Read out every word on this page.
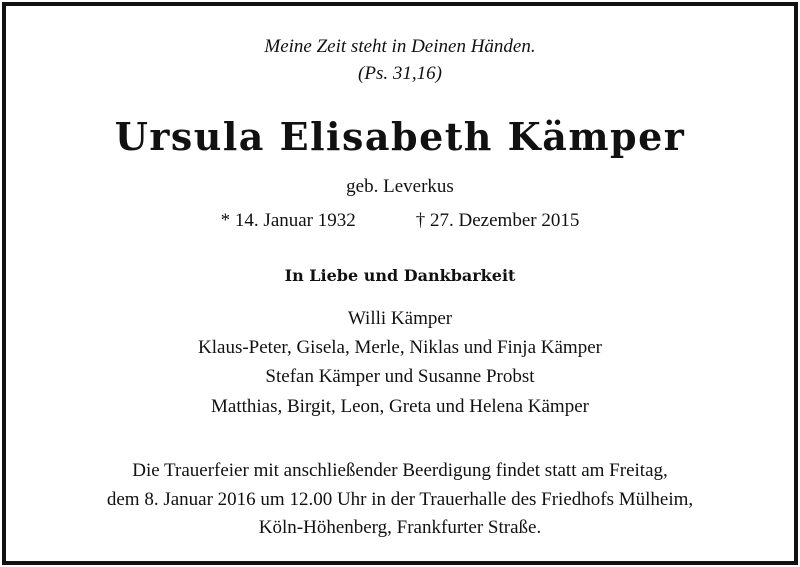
Meine Zeit steht in Deinen Händen.
(Ps. 31,16)
Ursula Elisabeth Kämper
geb. Leverkus
* 14. Januar 1932	† 27. Dezember 2015
In Liebe und Dankbarkeit
Willi Kämper
Klaus-Peter, Gisela, Merle, Niklas und Finja Kämper
Stefan Kämper und Susanne Probst
Matthias, Birgit, Leon, Greta und Helena Kämper
Die Trauerfeier mit anschließender Beerdigung findet statt am Freitag,
dem 8. Januar 2016 um 12.00 Uhr in der Trauerhalle des Friedhofs Mülheim,
Köln-Höhenberg, Frankfurter Straße.
